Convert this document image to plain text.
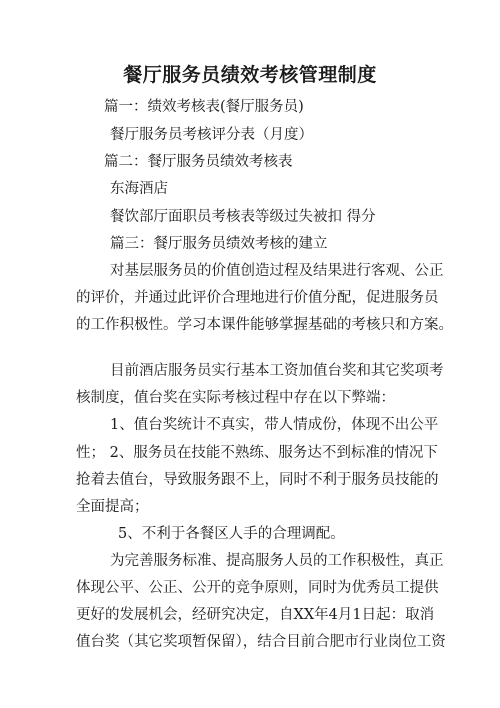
餐厅服务员绩效考核管理制度
篇一：绩效考核表(餐厅服务员)
餐厅服务员考核评分表（月度）
篇二：餐厅服务员绩效考核表
东海酒店
餐饮部厅面职员考核表等级过失被扣 得分
篇三：餐厅服务员绩效考核的建立
对基层服务员的价值创造过程及结果进行客观、公正
的评价，并通过此评价合理地进行价值分配，促进服务员
的工作积极性。学习本课件能够掌握基础的考核只和方案。
目前酒店服务员实行基本工资加值台奖和其它奖项考
核制度，值台奖在实际考核过程中存在以下弊端：
1、值台奖统计不真实，带人情成份，体现不出公平
性； 2、服务员在技能不熟练、服务达不到标准的情况下
抢着去值台，导致服务跟不上，同时不利于服务员技能的
全面提高；
5、不利于各餐区人手的合理调配。
为完善服务标准、提高服务人员的工作积极性，真正
体现公平、公正、公开的竞争原则，同时为优秀员工提供
更好的发展机会，经研究决定，自XX年4月1日起：取消
值台奖（其它奖项暂保留），结合目前合肥市行业岗位工资
